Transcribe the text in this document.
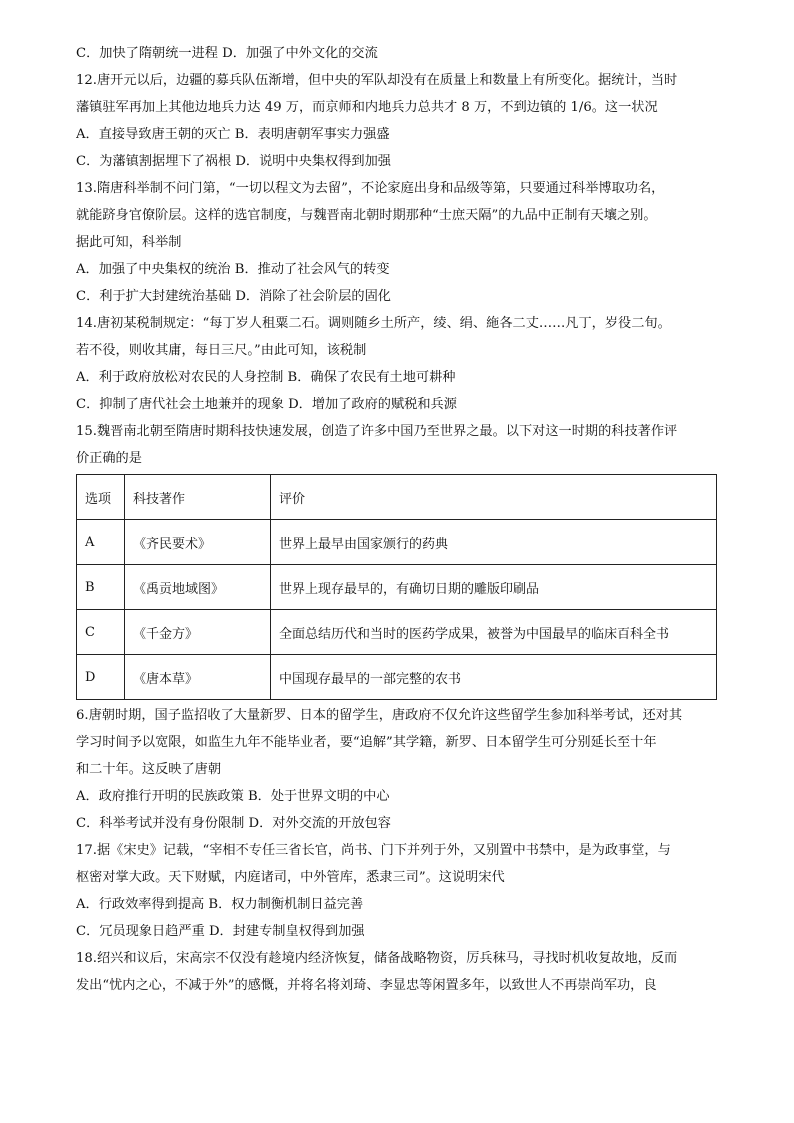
C．加快了隋朝统一进程 D．加强了中外文化的交流
12.唐开元以后，边疆的募兵队伍渐增，但中央的军队却没有在质量上和数量上有所变化。据统计，当时
藩镇驻军再加上其他边地兵力达 49 万，而京师和内地兵力总共才 8 万，不到边镇的 1/6。这一状况
A．直接导致唐王朝的灭亡 B．表明唐朝军事实力强盛
C．为藩镇割据埋下了祸根 D．说明中央集权得到加强
13.隋唐科举制不问门第，“一切以程文为去留”，不论家庭出身和品级等第，只要通过科举博取功名，
就能跻身官僚阶层。这样的选官制度，与魏晋南北朝时期那种“士庶天隔”的九品中正制有天壤之别。
据此可知，科举制
A．加强了中央集权的统治 B．推动了社会风气的转变
C．利于扩大封建统治基础 D．消除了社会阶层的固化
14.唐初某税制规定：“每丁岁人租粟二石。调则随乡土所产，绫、绢、絁各二丈……凡丁，岁役二旬。
若不役，则收其庸，每日三尺。”由此可知，该税制
A．利于政府放松对农民的人身控制 B．确保了农民有土地可耕种
C．抑制了唐代社会土地兼并的现象 D．增加了政府的赋税和兵源
15.魏晋南北朝至隋唐时期科技快速发展，创造了许多中国乃至世界之最。以下对这一时期的科技著作评
价正确的是
选项	科技著作	评价
A	《齐民要术》	世界上最早由国家颁行的药典
B	《禹贡地域图》	世界上现存最早的，有确切日期的雕版印刷品
C	《千金方》	全面总结历代和当时的医药学成果，被誉为中国最早的临床百科全书
D	《唐本草》	中国现存最早的一部完整的农书
6.唐朝时期，国子监招收了大量新罗、日本的留学生，唐政府不仅允许这些留学生参加科举考试，还对其
学习时间予以宽限，如监生九年不能毕业者，要“追解”其学籍，新罗、日本留学生可分别延长至十年
和二十年。这反映了唐朝
A．政府推行开明的民族政策 B．处于世界文明的中心
C．科举考试并没有身份限制 D．对外交流的开放包容
17.据《宋史》记载，“宰相不专任三省长官，尚书、门下并列于外，又别置中书禁中，是为政事堂，与
枢密对掌大政。天下财赋，内庭诸司，中外管库，悉隶三司”。这说明宋代
A．行政效率得到提高 B．权力制衡机制日益完善
C．冗员现象日趋严重 D．封建专制皇权得到加强
18.绍兴和议后，宋高宗不仅没有趁境内经济恢复，储备战略物资，厉兵秣马，寻找时机收复故地，反而
发出“忧内之心，不减于外”的感慨，并将名将刘琦、李显忠等闲置多年，以致世人不再崇尚军功，良
